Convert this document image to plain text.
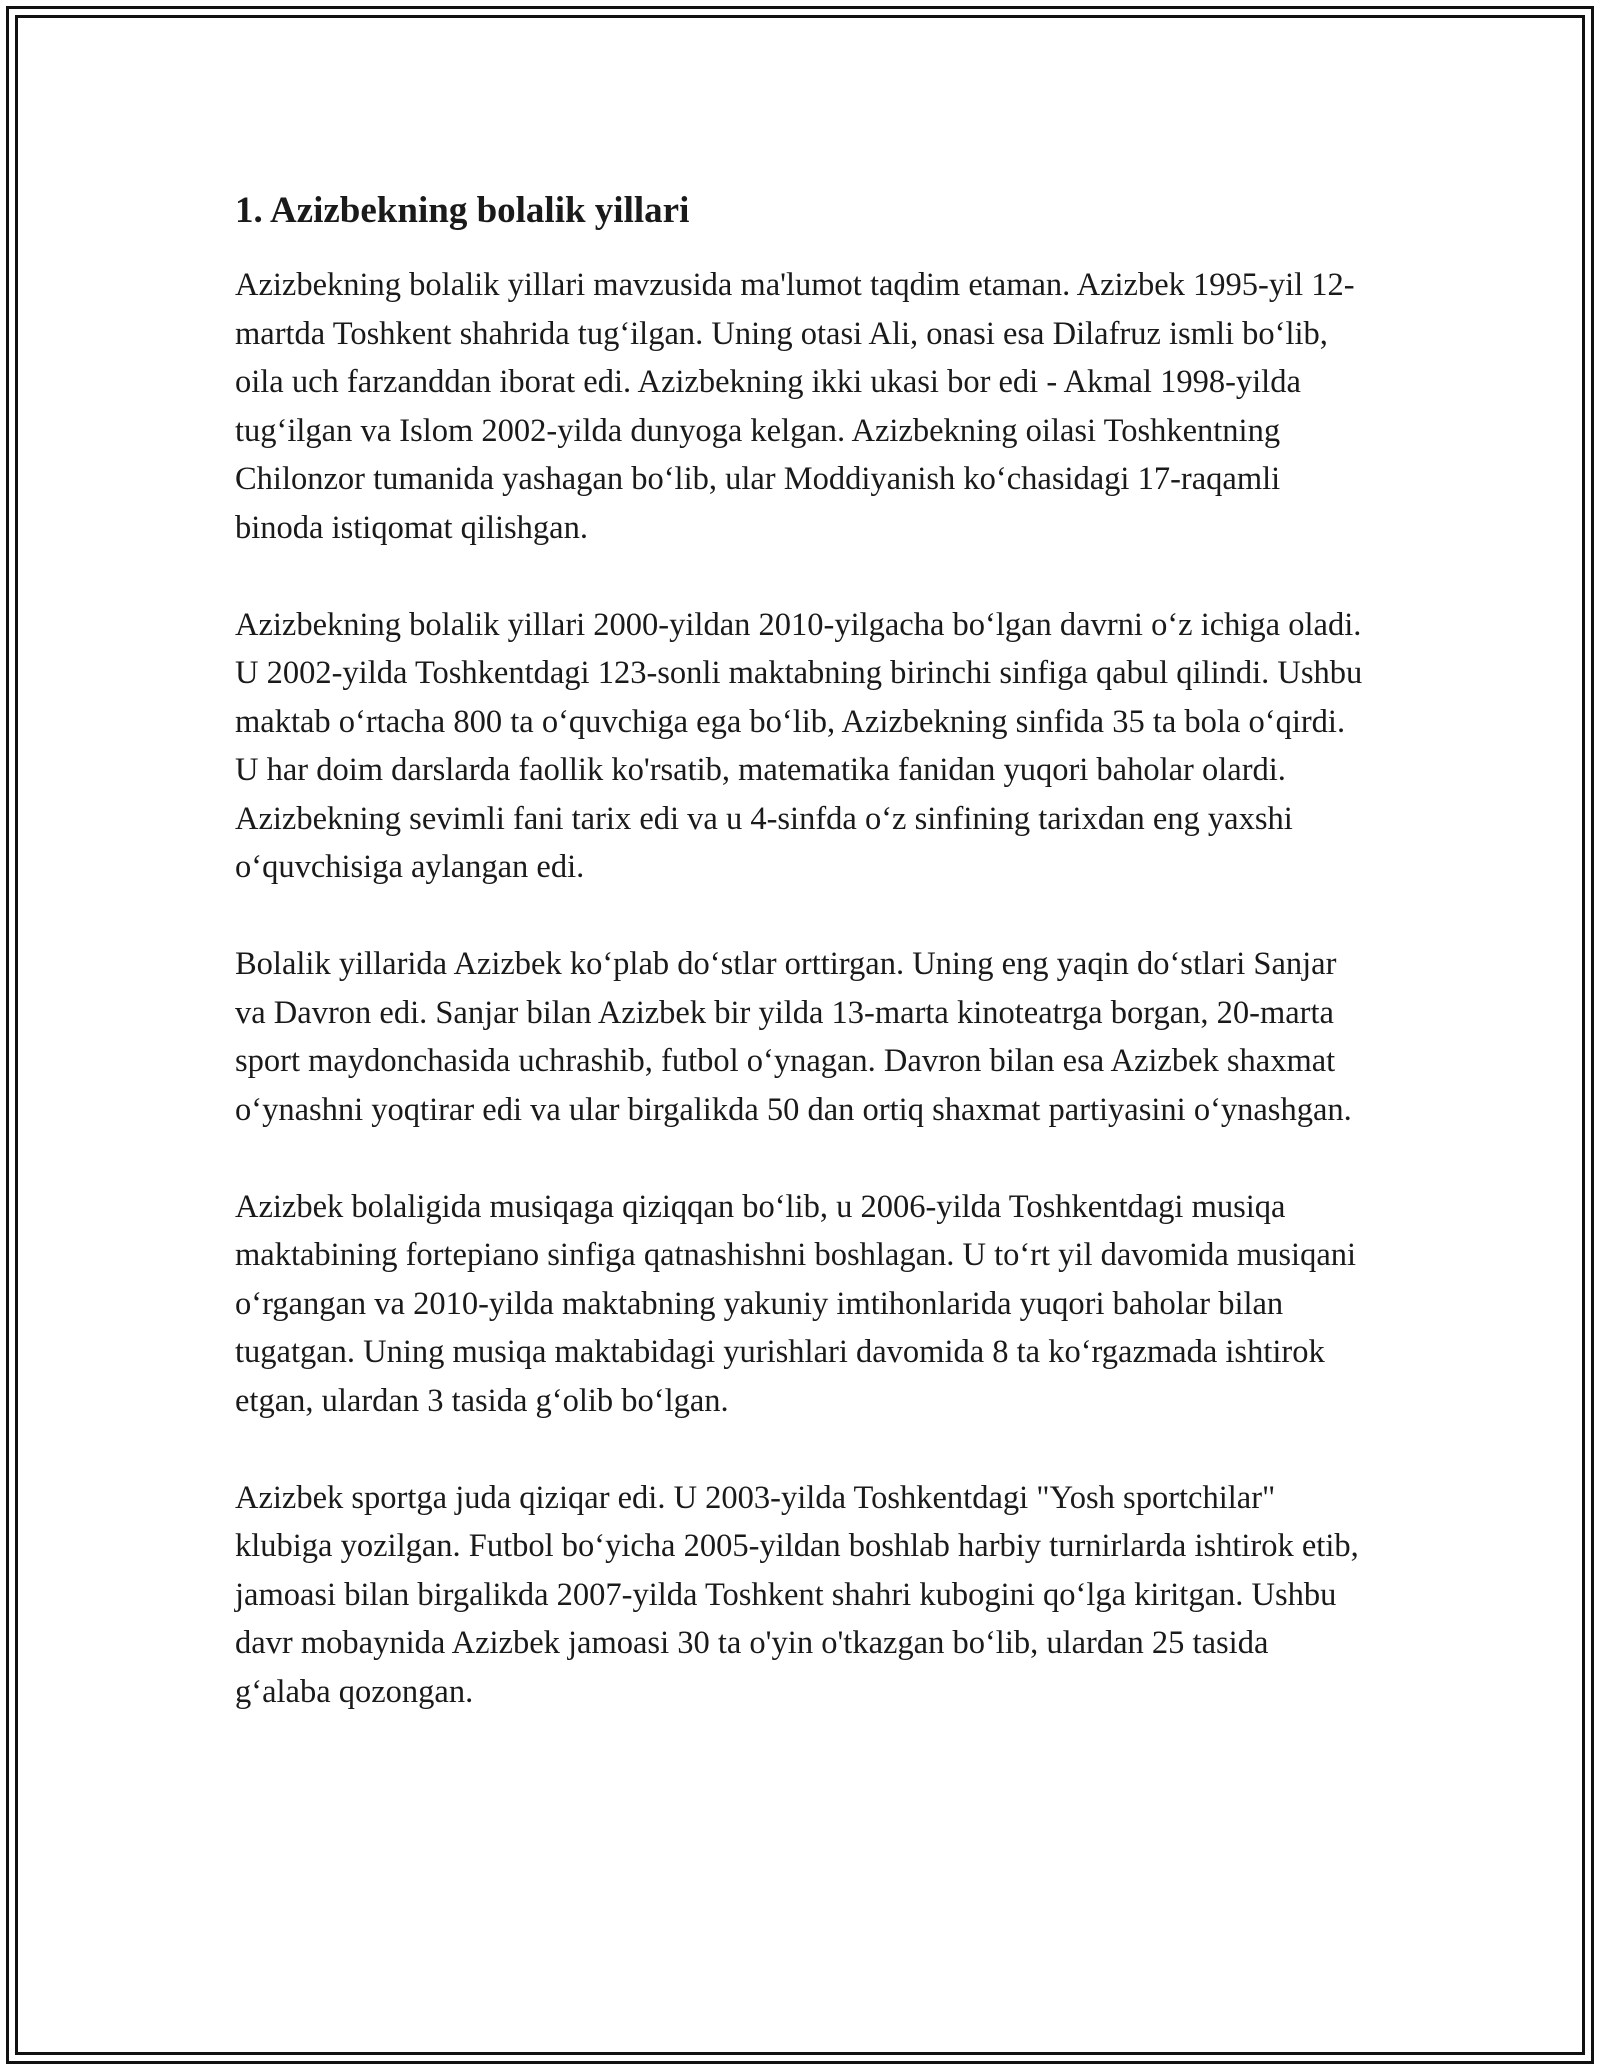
1. Azizbekning bolalik yillari

Azizbekning bolalik yillari mavzusida ma'lumot taqdim etaman. Azizbek 1995-yil 12-martda Toshkent shahrida tug‘ilgan. Uning otasi Ali, onasi esa Dilafruz ismli bo‘lib, oila uch farzanddan iborat edi. Azizbekning ikki ukasi bor edi - Akmal 1998-yilda tug‘ilgan va Islom 2002-yilda dunyoga kelgan. Azizbekning oilasi Toshkentning Chilonzor tumanida yashagan bo‘lib, ular Moddiyanish ko‘chasidagi 17-raqamli binoda istiqomat qilishgan.

Azizbekning bolalik yillari 2000-yildan 2010-yilgacha bo‘lgan davrni o‘z ichiga oladi. U 2002-yilda Toshkentdagi 123-sonli maktabning birinchi sinfiga qabul qilindi. Ushbu maktab o‘rtacha 800 ta o‘quvchiga ega bo‘lib, Azizbekning sinfida 35 ta bola o‘qirdi. U har doim darslarda faollik ko'rsatib, matematika fanidan yuqori baholar olardi. Azizbekning sevimli fani tarix edi va u 4-sinfda o‘z sinfining tarixdan eng yaxshi o‘quvchisiga aylangan edi.

Bolalik yillarida Azizbek ko‘plab do‘stlar orttirgan. Uning eng yaqin do‘stlari Sanjar va Davron edi. Sanjar bilan Azizbek bir yilda 13-marta kinoteatrga borgan, 20-marta sport maydonchasida uchrashib, futbol o‘ynagan. Davron bilan esa Azizbek shaxmat o‘ynashni yoqtirar edi va ular birgalikda 50 dan ortiq shaxmat partiyasini o‘ynashgan.

Azizbek bolaligida musiqaga qiziqqan bo‘lib, u 2006-yilda Toshkentdagi musiqa maktabining fortepiano sinfiga qatnashishni boshlagan. U to‘rt yil davomida musiqani o‘rgangan va 2010-yilda maktabning yakuniy imtihonlarida yuqori baholar bilan tugatgan. Uning musiqa maktabidagi yurishlari davomida 8 ta ko‘rgazmada ishtirok etgan, ulardan 3 tasida g‘olib bo‘lgan.

Azizbek sportga juda qiziqar edi. U 2003-yilda Toshkentdagi "Yosh sportchilar" klubiga yozilgan. Futbol bo‘yicha 2005-yildan boshlab harbiy turnirlarda ishtirok etib, jamoasi bilan birgalikda 2007-yilda Toshkent shahri kubogini qo‘lga kiritgan. Ushbu davr mobaynida Azizbek jamoasi 30 ta o'yin o'tkazgan bo‘lib, ulardan 25 tasida g‘alaba qozongan.
